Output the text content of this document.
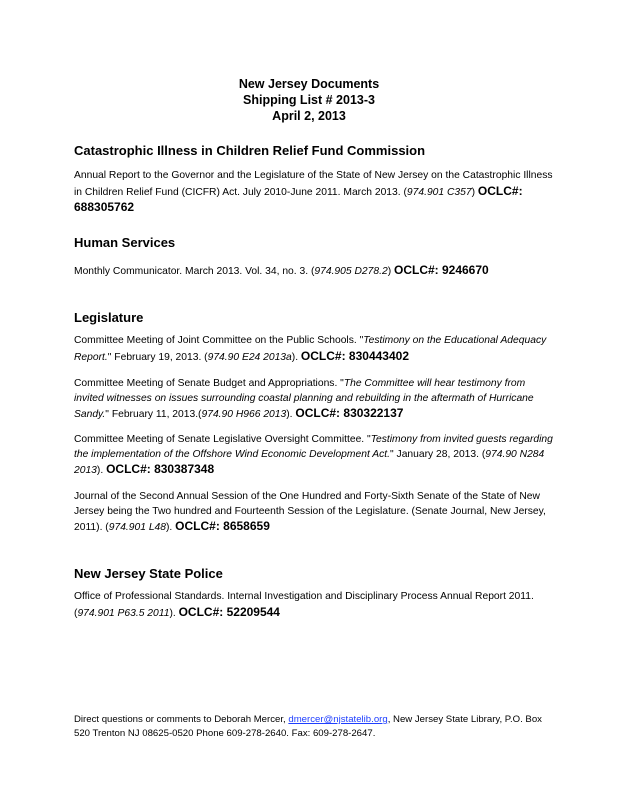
New Jersey Documents
Shipping List # 2013-3
April 2, 2013
Catastrophic Illness in Children Relief Fund Commission
Annual Report to the Governor and the Legislature of the State of New Jersey on the Catastrophic Illness in Children Relief Fund (CICFR) Act. July 2010-June 2011. March 2013. (974.901 C357) OCLC#: 688305762
Human Services
Monthly Communicator. March 2013. Vol. 34, no. 3. (974.905 D278.2) OCLC#: 9246670
Legislature
Committee Meeting of Joint Committee on the Public Schools. "Testimony on the Educational Adequacy Report." February 19, 2013. (974.90 E24 2013a). OCLC#: 830443402
Committee Meeting of Senate Budget and Appropriations. "The Committee will hear testimony from invited witnesses on issues surrounding coastal planning and rebuilding in the aftermath of Hurricane Sandy." February 11, 2013.(974.90 H966 2013). OCLC#: 830322137
Committee Meeting of Senate Legislative Oversight Committee. "Testimony from invited guests regarding the implementation of the Offshore Wind Economic Development Act." January 28, 2013. (974.90 N284 2013). OCLC#: 830387348
Journal of the Second Annual Session of the One Hundred and Forty-Sixth Senate of the State of New Jersey being the Two hundred and Fourteenth Session of the Legislature. (Senate Journal, New Jersey, 2011). (974.901 L48). OCLC#: 8658659
New Jersey State Police
Office of Professional Standards. Internal Investigation and Disciplinary Process Annual Report 2011. (974.901 P63.5 2011). OCLC#: 52209544
Direct questions or comments to Deborah Mercer, dmercer@njstatelib.org, New Jersey State Library, P.O. Box 520 Trenton NJ 08625-0520 Phone 609-278-2640. Fax: 609-278-2647.
